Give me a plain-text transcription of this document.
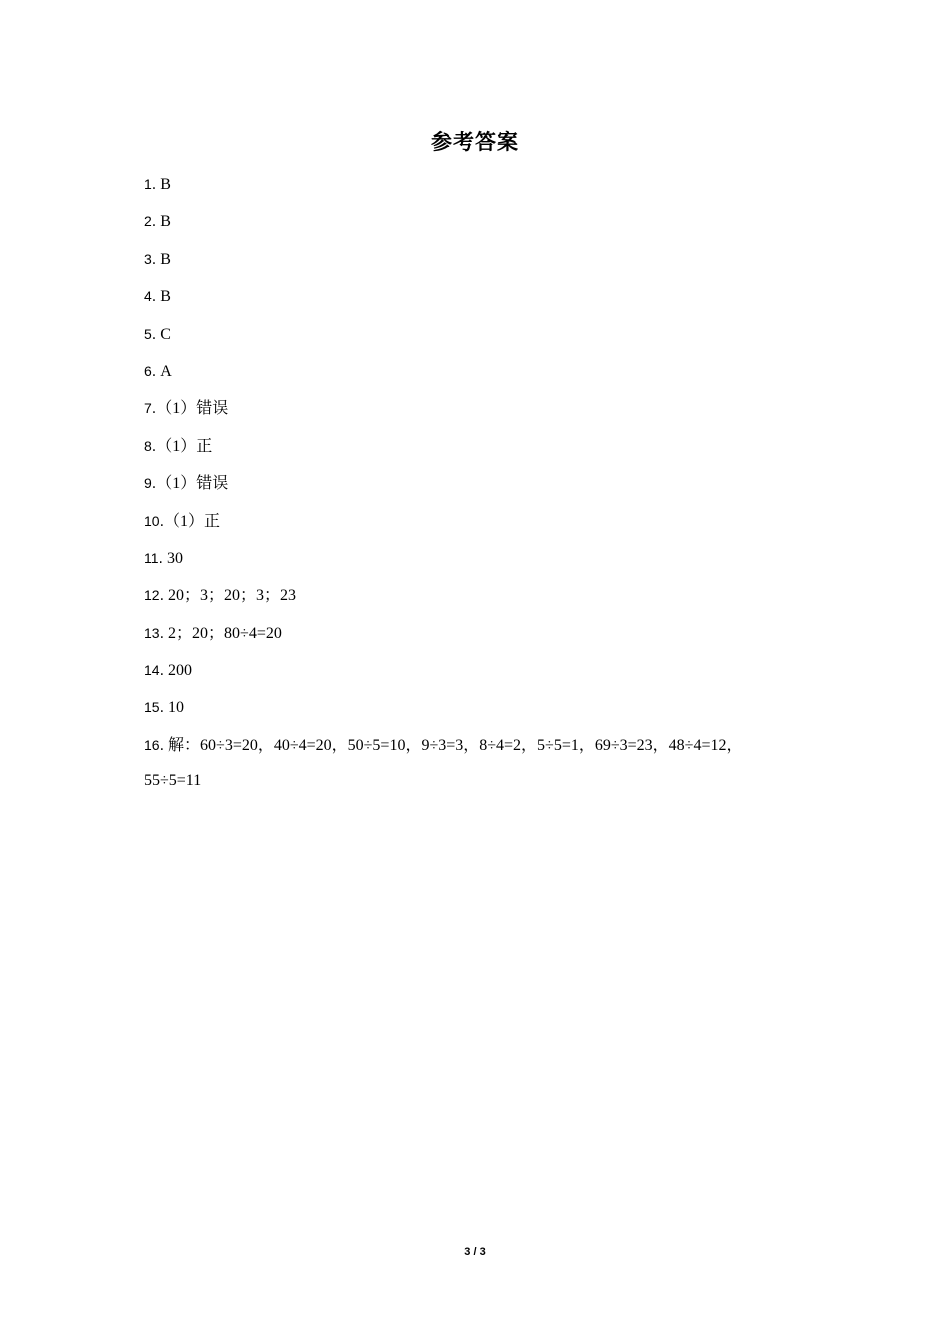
参考答案
1. B
2. B
3. B
4. B
5. C
6. A
7.（1）错误
8.（1）正
9.（1）错误
10.（1）正
11. 30
12. 20；3；20；3；23
13. 2；20；80÷4=20
14. 200
15. 10
16. 解：60÷3=20，40÷4=20，50÷5=10，9÷3=3，8÷4=2，5÷5=1，69÷3=23，48÷4=12，
55÷5=11
3 / 3
